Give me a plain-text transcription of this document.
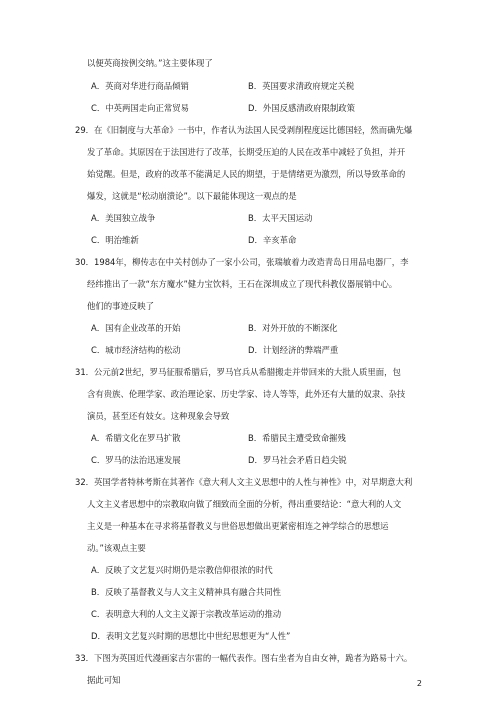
以便英商按例交纳。”这主要体现了
A．英商对华进行商品倾销	B．英国要求清政府规定关税
C．中英两国走向正常贸易	D．外国反感清政府限制政策
29．在《旧制度与大革命》一书中，作者认为法国人民受剥削程度远比德国轻，然而确先爆
发了革命。其原因在于法国进行了改革，长期受压迫的人民在改革中减轻了负担，并开
始觉醒。但是，政府的改革不能满足人民的期望，于是情绪更为激烈，所以导致革命的
爆发，这就是“松动崩溃论”。以下最能体现这一观点的是
A．美国独立战争	B．太平天国运动
C．明治维新	D．辛亥革命
30．1984年，柳传志在中关村创办了一家小公司，张瑞敏着力改造青岛日用品电器厂，李
经纬推出了一款“东方魔水”健力宝饮料，王石在深圳成立了现代科教仪器展销中心。
他们的事迹反映了
A．国有企业改革的开始	B．对外开放的不断深化
C．城市经济结构的松动	D．计划经济的弊端严重
31．公元前2世纪，罗马征服希腊后，罗马官兵从希腊搬走并带回来的大批人质里面，包
含有贵族、伦理学家、政治理论家、历史学家、诗人等等，此外还有大量的奴隶、杂技
演员，甚至还有妓女。这种现象会导致
A．希腊文化在罗马扩散	B．希腊民主遭受致命摧残
C．罗马的法治迅速发展	D．罗马社会矛盾日趋尖锐
32．英国学者特林考斯在其著作《意大利人文主义思想中的人性与神性》中，对早期意大利
人文主义者思想中的宗教取向做了细致而全面的分析，得出重要结论：“意大利的人文
主义是一种基本在寻求将基督教义与世俗思想做出更紧密相连之神学综合的思想运
动。”该观点主要
A．反映了文艺复兴时期仍是宗教信仰很浓的时代
B．反映了基督教义与人文主义精神具有融合共同性
C．表明意大利的人文主义源于宗教改革运动的推动
D．表明文艺复兴时期的思想比中世纪思想更为“人性”
33．下图为英国近代漫画家吉尔雷的一幅代表作。图右坐者为自由女神，跪者为路易十六。
据此可知	2
